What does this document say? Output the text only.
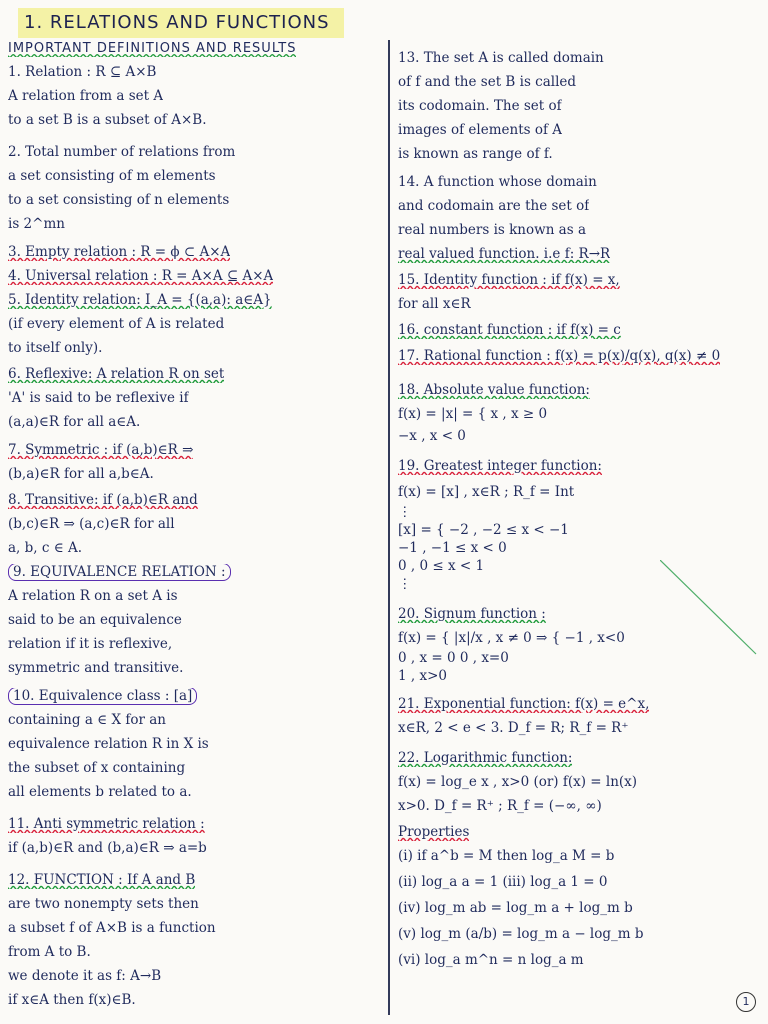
1. RELATIONS AND FUNCTIONS
IMPORTANT DEFINITIONS AND RESULTS
1. Relation : R ⊆ A×B
A relation from a set A
to a set B is a subset of A×B.
2. Total number of relations from
a set consisting of m elements
to a set consisting of n elements
is 2^mn
3. Empty relation : R = ϕ ⊂ A×A
4. Universal relation : R = A×A ⊆ A×A
5. Identity relation: I_A = {(a,a): a∈A}
(if every element of A is related
to itself only).
6. Reflexive: A relation R on set
'A' is said to be reflexive if
(a,a)∈R for all a∈A.
7. Symmetric : if (a,b)∈R ⇒
(b,a)∈R for all a,b∈A.
8. Transitive: if (a,b)∈R and
(b,c)∈R ⇒ (a,c)∈R for all
a, b, c ∈ A.
9. EQUIVALENCE RELATION :
A relation R on a set A is
said to be an equivalence
relation if it is reflexive,
symmetric and transitive.
10. Equivalence class : [a]
containing a ∈ X for an
equivalence relation R in X is
the subset of x containing
all elements b related to a.
11. Anti symmetric relation :
if (a,b)∈R and (b,a)∈R ⇒ a=b
12. FUNCTION : If A and B
are two nonempty sets then
a subset f of A×B is a function
from A to B.
we denote it as f: A→B
if x∈A then f(x)∈B.
13. The set A is called domain
of f and the set B is called
its codomain. The set of
images of elements of A
is known as range of f.
14. A function whose domain
and codomain are the set of
real numbers is known as a
real valued function. i.e f: R→R
15. Identity function : if f(x) = x,
for all x∈R
16. constant function : if f(x) = c
17. Rational function : f(x) = p(x)/q(x), q(x) ≠ 0
18. Absolute value function:
f(x) = |x| = { x , x ≥ 0
−x , x < 0
19. Greatest integer function:
f(x) = [x] , x∈R ; R_f = Int
⋮
[x] = { −2 , −2 ≤ x < −1
−1 , −1 ≤ x < 0
0 , 0 ≤ x < 1
⋮
20. Signum function :
f(x) = { |x|/x , x ≠ 0 ⇒ { −1 , x<0
0 , x = 0 0 , x=0
1 , x>0
21. Exponential function: f(x) = e^x,
x∈R, 2 < e < 3. D_f = R; R_f = R⁺
22. Logarithmic function:
f(x) = log_e x , x>0 (or) f(x) = ln(x)
x>0. D_f = R⁺ ; R_f = (−∞, ∞)
Properties
(i) if a^b = M then log_a M = b
(ii) log_a a = 1 (iii) log_a 1 = 0
(iv) log_m ab = log_m a + log_m b
(v) log_m (a/b) = log_m a − log_m b
(vi) log_a m^n = n log_a m
1
